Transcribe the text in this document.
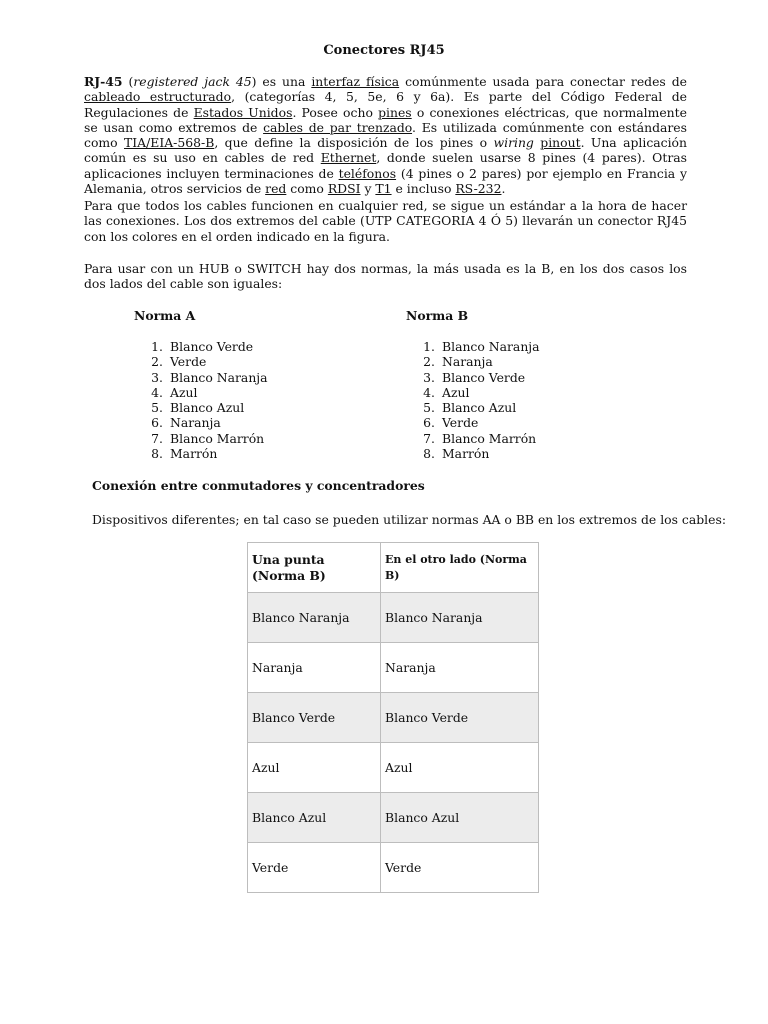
Conectores RJ45

RJ-45 (registered jack 45) es una interfaz física comúnmente usada para conectar redes de cableado estructurado, (categorías 4, 5, 5e, 6 y 6a). Es parte del Código Federal de Regulaciones de Estados Unidos. Posee ocho pines o conexiones eléctricas, que normalmente se usan como extremos de cables de par trenzado. Es utilizada comúnmente con estándares como TIA/EIA-568-B, que define la disposición de los pines o wiring pinout. Una aplicación común es su uso en cables de red Ethernet, donde suelen usarse 8 pines (4 pares). Otras aplicaciones incluyen terminaciones de teléfonos (4 pines o 2 pares) por ejemplo en Francia y Alemania, otros servicios de red como RDSI y T1 e incluso RS-232.

Para que todos los cables funcionen en cualquier red, se sigue un estándar a la hora de hacer las conexiones. Los dos extremos del cable (UTP CATEGORIA 4 Ó 5) llevarán un conector RJ45 con los colores en el orden indicado en la figura.

Para usar con un HUB o SWITCH hay dos normas, la más usada es la B, en los dos casos los dos lados del cable son iguales:

Norma A	Norma B
1. Blanco Verde
2. Verde
3. Blanco Naranja
4. Azul
5. Blanco Azul
6. Naranja
7. Blanco Marrón
8. Marrón
1. Blanco Naranja
2. Naranja
3. Blanco Verde
4. Azul
5. Blanco Azul
6. Verde
7. Blanco Marrón
8. Marrón
Conexión entre conmutadores y concentradores
Dispositivos diferentes; en tal caso se pueden utilizar normas AA o BB en los extremos de los cables:
Una punta (Norma B)	En el otro lado (Norma B)
Blanco Naranja	Blanco Naranja
Naranja	Naranja
Blanco Verde	Blanco Verde
Azul	Azul
Blanco Azul	Blanco Azul
Verde	Verde
